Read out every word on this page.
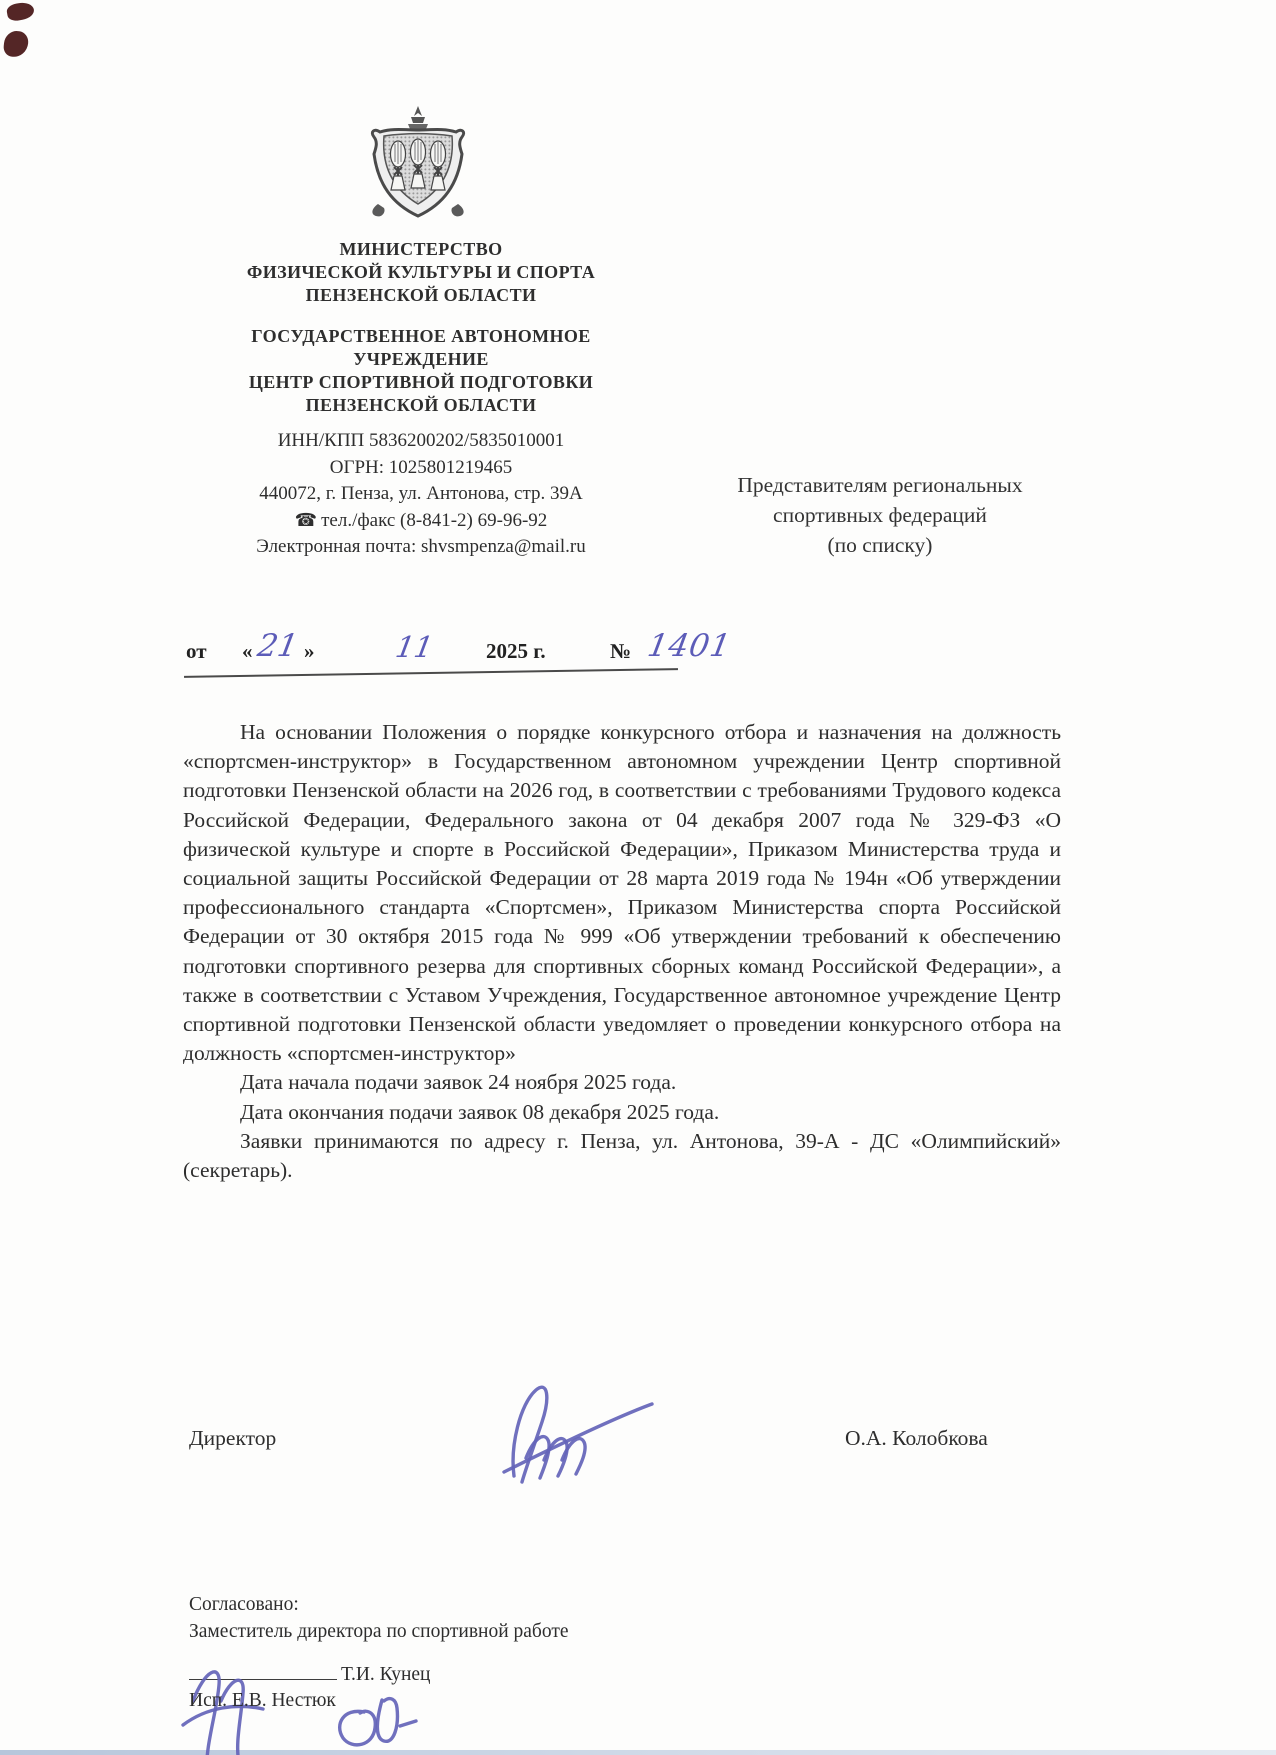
МИНИСТЕРСТВО
ФИЗИЧЕСКОЙ КУЛЬТУРЫ И СПОРТА
ПЕНЗЕНСКОЙ ОБЛАСТИ
ГОСУДАРСТВЕННОЕ АВТОНОМНОЕ
УЧРЕЖДЕНИЕ
ЦЕНТР СПОРТИВНОЙ ПОДГОТОВКИ
ПЕНЗЕНСКОЙ ОБЛАСТИ
ИНН/КПП 5836200202/5835010001
ОГРН: 1025801219465
440072, г. Пенза, ул. Антонова, стр. 39А
☎ тел./факс (8-841-2) 69-96-92
Электронная почта: shvsmpenza@mail.ru
Представителям региональных
спортивных федераций
(по списку)
от « 21 »	11 2025 г.	№ 1401

На основании Положения о порядке конкурсного отбора и назначения на должность «спортсмен-инструктор» в Государственном автономном учреждении Центр спортивной подготовки Пензенской области на 2026 год, в соответствии с требованиями Трудового кодекса Российской Федерации, Федерального закона от 04 декабря 2007 года № 329-ФЗ «О физической культуре и спорте в Российской Федерации», Приказом Министерства труда и социальной защиты Российской Федерации от 28 марта 2019 года № 194н «Об утверждении профессионального стандарта «Спортсмен», Приказом Министерства спорта Российской Федерации от 30 октября 2015 года № 999 «Об утверждении требований к обеспечению подготовки спортивного резерва для спортивных сборных команд Российской Федерации», а также в соответствии с Уставом Учреждения, Государственное автономное учреждение Центр спортивной подготовки Пензенской области уведомляет о проведении конкурсного отбора на должность «спортсмен-инструктор»

Дата начала подачи заявок 24 ноября 2025 года.

Дата окончания подачи заявок 08 декабря 2025 года.

Заявки принимаются по адресу г. Пенза, ул. Антонова, 39-А - ДС «Олимпийский» (секретарь).

Директор	О.А. Колобкова
Согласовано:
Заместитель директора по спортивной работе
Т.И. Кунец
Исп. Е.В. Нестюк
